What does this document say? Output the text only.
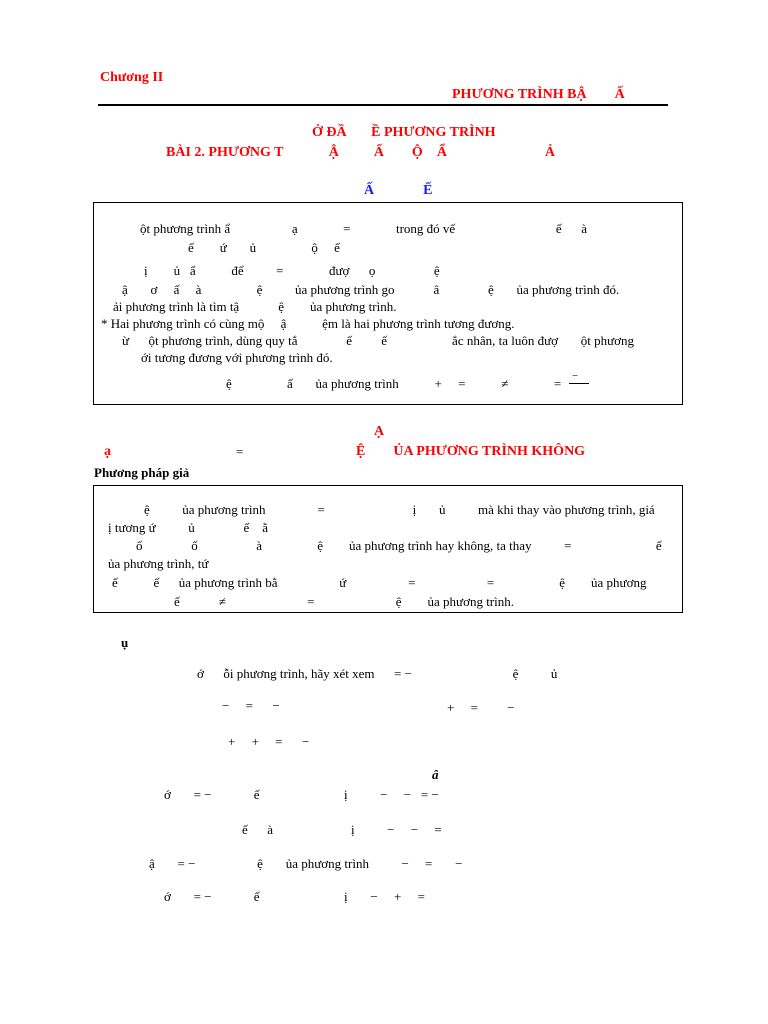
Chương II
PHƯƠNG TRÌNH BẬ        Ấ
Ở ĐẦ       Ề PHƯƠNG TRÌNH
BÀI 2. PHƯƠNG T             Ậ          Ấ        Ộ    Ẩ                            Ả
Ấ              Ế
ột phương trình ẩ                   ạ              =              trong đó vế                               ế      à
ế        ứ       ủ                 ộ     ế
ị        ủ   ẩ           để          =              đượ      ọ                  ệ
ậ       ơ     ấ     à                 ệ          ủa phương trình go            â               ệ       ủa phương trình đó.
ải phương trình là tìm tậ            ệ        ủa phương trình.
* Hai phương trình có cùng mộ     ậ           ệm là hai phương trình tương đương.
ừ      ột phương trình, dùng quy tắ               ế         ế                    ắc nhân, ta luôn đượ       ột phương
ới tương đương với phương trình đó.
ệ                 ấ       ủa phương trình           +     =           ≠              = −
Ạ
ạ	=	Ệ        ỦA PHƯƠNG TRÌNH KHÔNG
Phương pháp giả
ệ          ủa phương trình                =                           ị       ủ          mà khi thay vào phương trình, giá
ị tương ứ          ủ               ế    ằ
ố               ố                  à                 ệ        ủa phương trình hay không, ta thay          =                          ế
ủa phương trình, tứ
ế           ế      ủa phương trình bằ                   ứ                   =                      =                    ệ        ủa phương
ế            ≠                         =                         ệ        ủa phương trình.
ụ
ớ      ỗi phương trình, hãy xét xem      = −                               ệ          ủ
−     =      −	+     =         −
+     +     =      −
â
ớ       = −             ế                          ị          −     −   = −
ế      à                        ị          −     −     =
ậ       = −                   ệ       ủa phương trình          −     =       −
ớ       = −             ế                          ị       −     +     =
